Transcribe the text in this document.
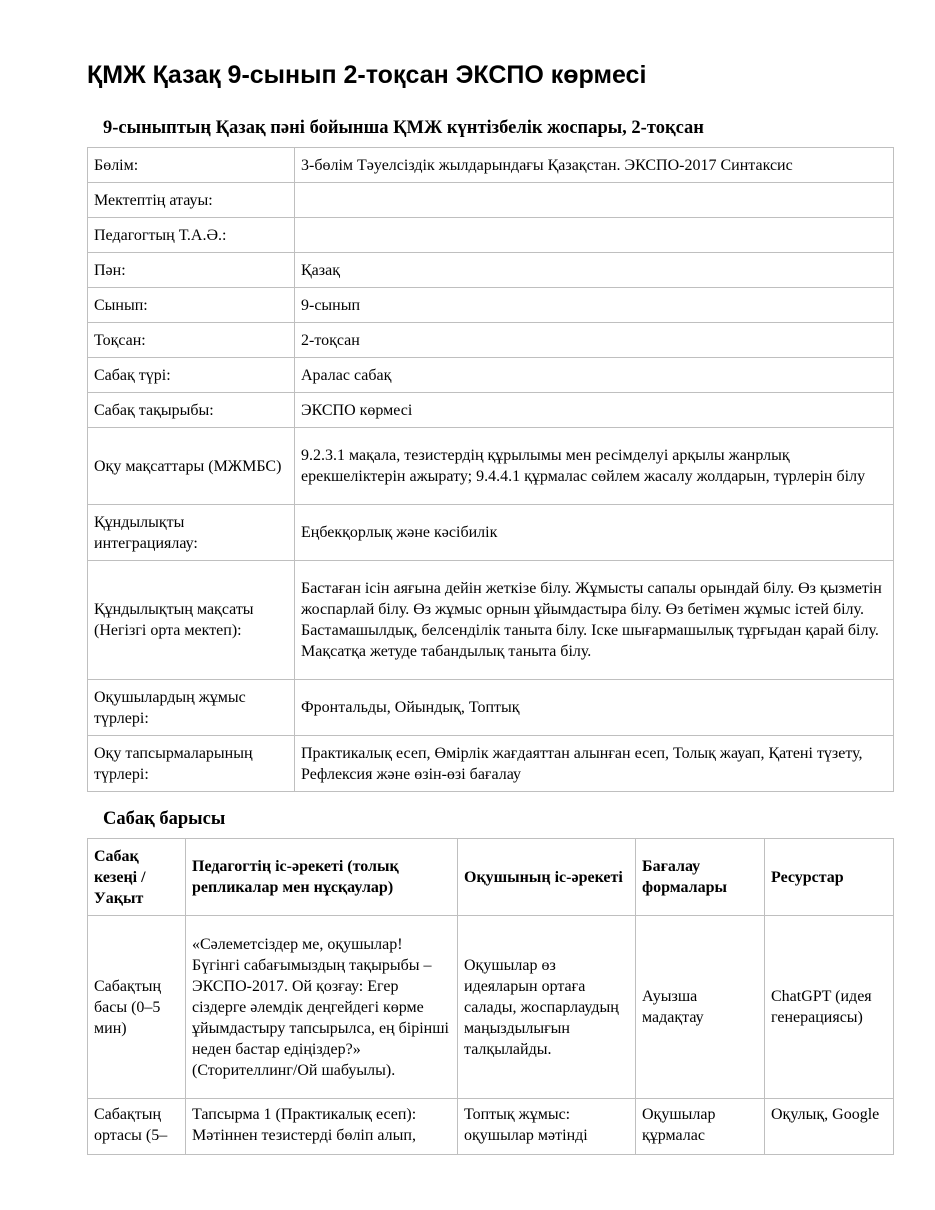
ҚМЖ Қазақ 9-сынып 2-тоқсан ЭКСПО көрмесі
9-сыныптың Қазақ пәні бойынша ҚМЖ күнтізбелік жоспары, 2-тоқсан
Бөлім:	3-бөлім Тәуелсіздік жылдарындағы Қазақстан. ЭКСПО-2017 Синтаксис
Мектептің атауы:	
Педагогтың Т.А.Ә.:	
Пән:	Қазақ
Сынып:	9-сынып
Тоқсан:	2-тоқсан
Сабақ түрі:	Аралас сабақ
Сабақ тақырыбы:	ЭКСПО көрмесі
Оқу мақсаттары (МЖМБС)	9.2.3.1 мақала, тезистердің құрылымы мен ресімделуі арқылы жанрлық ерекшеліктерін ажырату; 9.4.4.1 құрмалас сөйлем жасалу жолдарын, түрлерін білу
Құндылықты интеграциялау:	Еңбекқорлық және кәсібилік
Құндылықтың мақсаты (Негізгі орта мектеп):	Бастаған ісін аяғына дейін жеткізе білу. Жұмысты сапалы орындай білу. Өз қызметін жоспарлай білу. Өз жұмыс орнын ұйымдастыра білу. Өз бетімен жұмыс істей білу. Бастамашылдық, белсенділік таныта білу. Іске шығармашылық тұрғыдан қарай білу. Мақсатқа жетуде табандылық таныта білу.
Оқушылардың жұмыс түрлері:	Фронтальды, Ойындық, Топтық
Оқу тапсырмаларының түрлері:	Практикалық есеп, Өмірлік жағдаяттан алынған есеп, Толық жауап, Қатені түзету, Рефлексия және өзін-өзі бағалау
Сабақ барысы
Сабақ кезеңі / Уақыт	Педагогтің іс-әрекеті (толық репликалар мен нұсқаулар)	Оқушының іс-әрекеті	Бағалау формалары	Ресурстар
Сабақтың басы (0–5 мин)	«Сәлеметсіздер ме, оқушылар! Бүгінгі сабағымыздың тақырыбы – ЭКСПО-2017. Ой қозғау: Егер сіздерге әлемдік деңгейдегі көрме ұйымдастыру тапсырылса, ең бірінші неден бастар едіңіздер?» (Сторителлинг/Ой шабуылы).	Оқушылар өз идеяларын ортаға салады, жоспарлаудың маңыздылығын талқылайды.	Ауызша мадақтау	ChatGPT (идея генерациясы)
Сабақтың ортасы (5–	Тапсырма 1 (Практикалық есеп): Мәтіннен тезистерді бөліп алып,	Топтық жұмыс: оқушылар мәтінді	Оқушылар құрмалас	Оқулық, Google
